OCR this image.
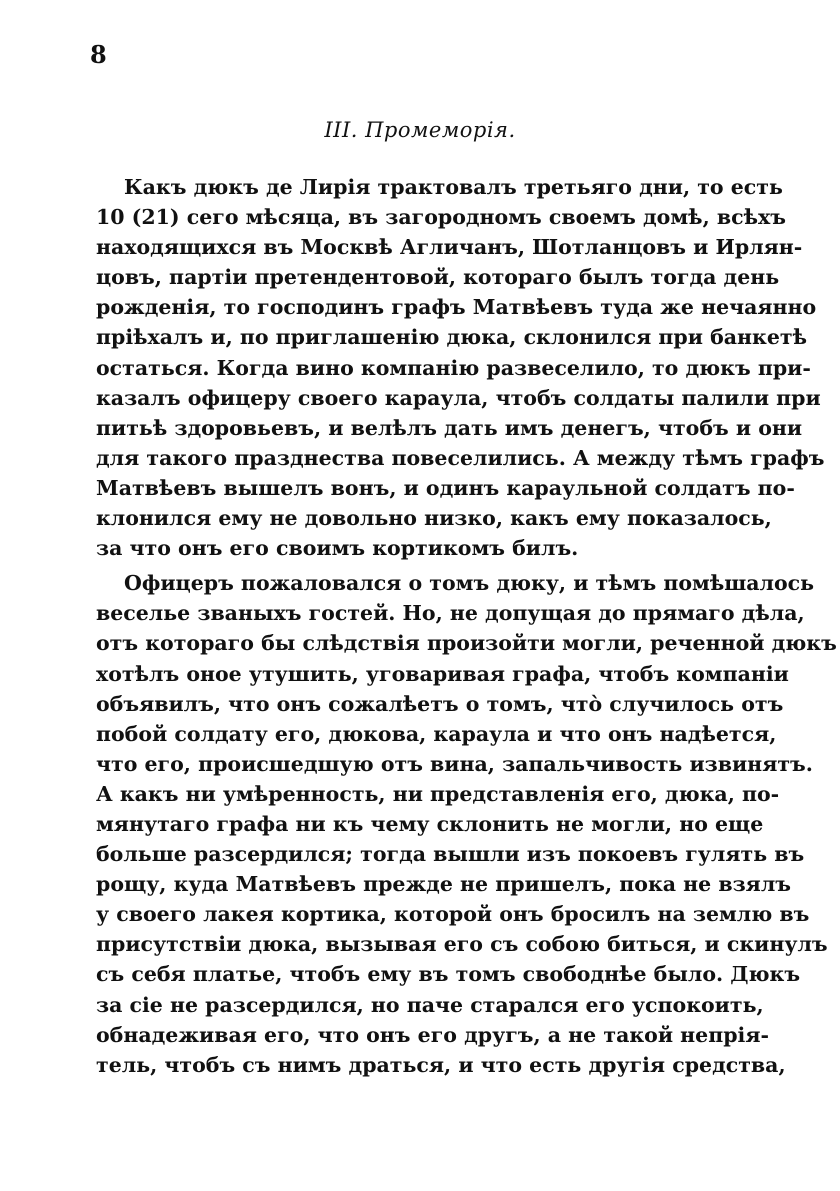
8
III. Промеморія.
Какъ дюкъ де Лирія трактовалъ третьяго дни, то есть
10 (21) сего мѣсяца, въ загородномъ своемъ домѣ, всѣхъ
находящихся въ Москвѣ Агличанъ, Шотланцовъ и Ирлян-
цовъ, партіи претендентовой, котораго былъ тогда день
рожденія, то господинъ графъ Матвѣевъ туда же нечаянно
пріѣхалъ и, по приглашенію дюка, склонился при банкетѣ
остаться. Когда вино компанію развеселило, то дюкъ при-
казалъ офицеру своего караула, чтобъ солдаты палили при
питьѣ здоровьевъ, и велѣлъ дать имъ денегъ, чтобъ и они
для такого празднества повеселились. А между тѣмъ графъ
Матвѣевъ вышелъ вонъ, и одинъ караульной солдатъ по-
клонился ему не довольно низко, какъ ему показалось,
за что онъ его своимъ кортикомъ билъ.
Офицеръ пожаловался о томъ дюку, и тѣмъ помѣшалось
веселье званыхъ гостей. Но, не допущая до прямаго дѣла,
отъ котораго бы слѣдствія произойти могли, реченной дюкъ
хотѣлъ оное утушить, уговаривая графа, чтобъ компаніи
объявилъ, что онъ сожалѣетъ о томъ, что̀ случилось отъ
побой солдату его, дюкова, караула и что онъ надѣется,
что его, происшедшую отъ вина, запальчивость извинятъ.
А какъ ни умѣренность, ни представленія его, дюка, по-
мянутаго графа ни къ чему склонить не могли, но еще
больше разсердился; тогда вышли изъ покоевъ гулять въ
рощу, куда Матвѣевъ прежде не пришелъ, пока не взялъ
у своего лакея кортика, которой онъ бросилъ на землю въ
присутствіи дюка, вызывая его съ собою биться, и скинулъ
съ себя платье, чтобъ ему въ томъ свободнѣе было. Дюкъ
за сіе не разсердился, но паче старался его успокоить,
обнадеживая его, что онъ его другъ, а не такой непрія-
тель, чтобъ съ нимъ драться, и что есть другія средства,
